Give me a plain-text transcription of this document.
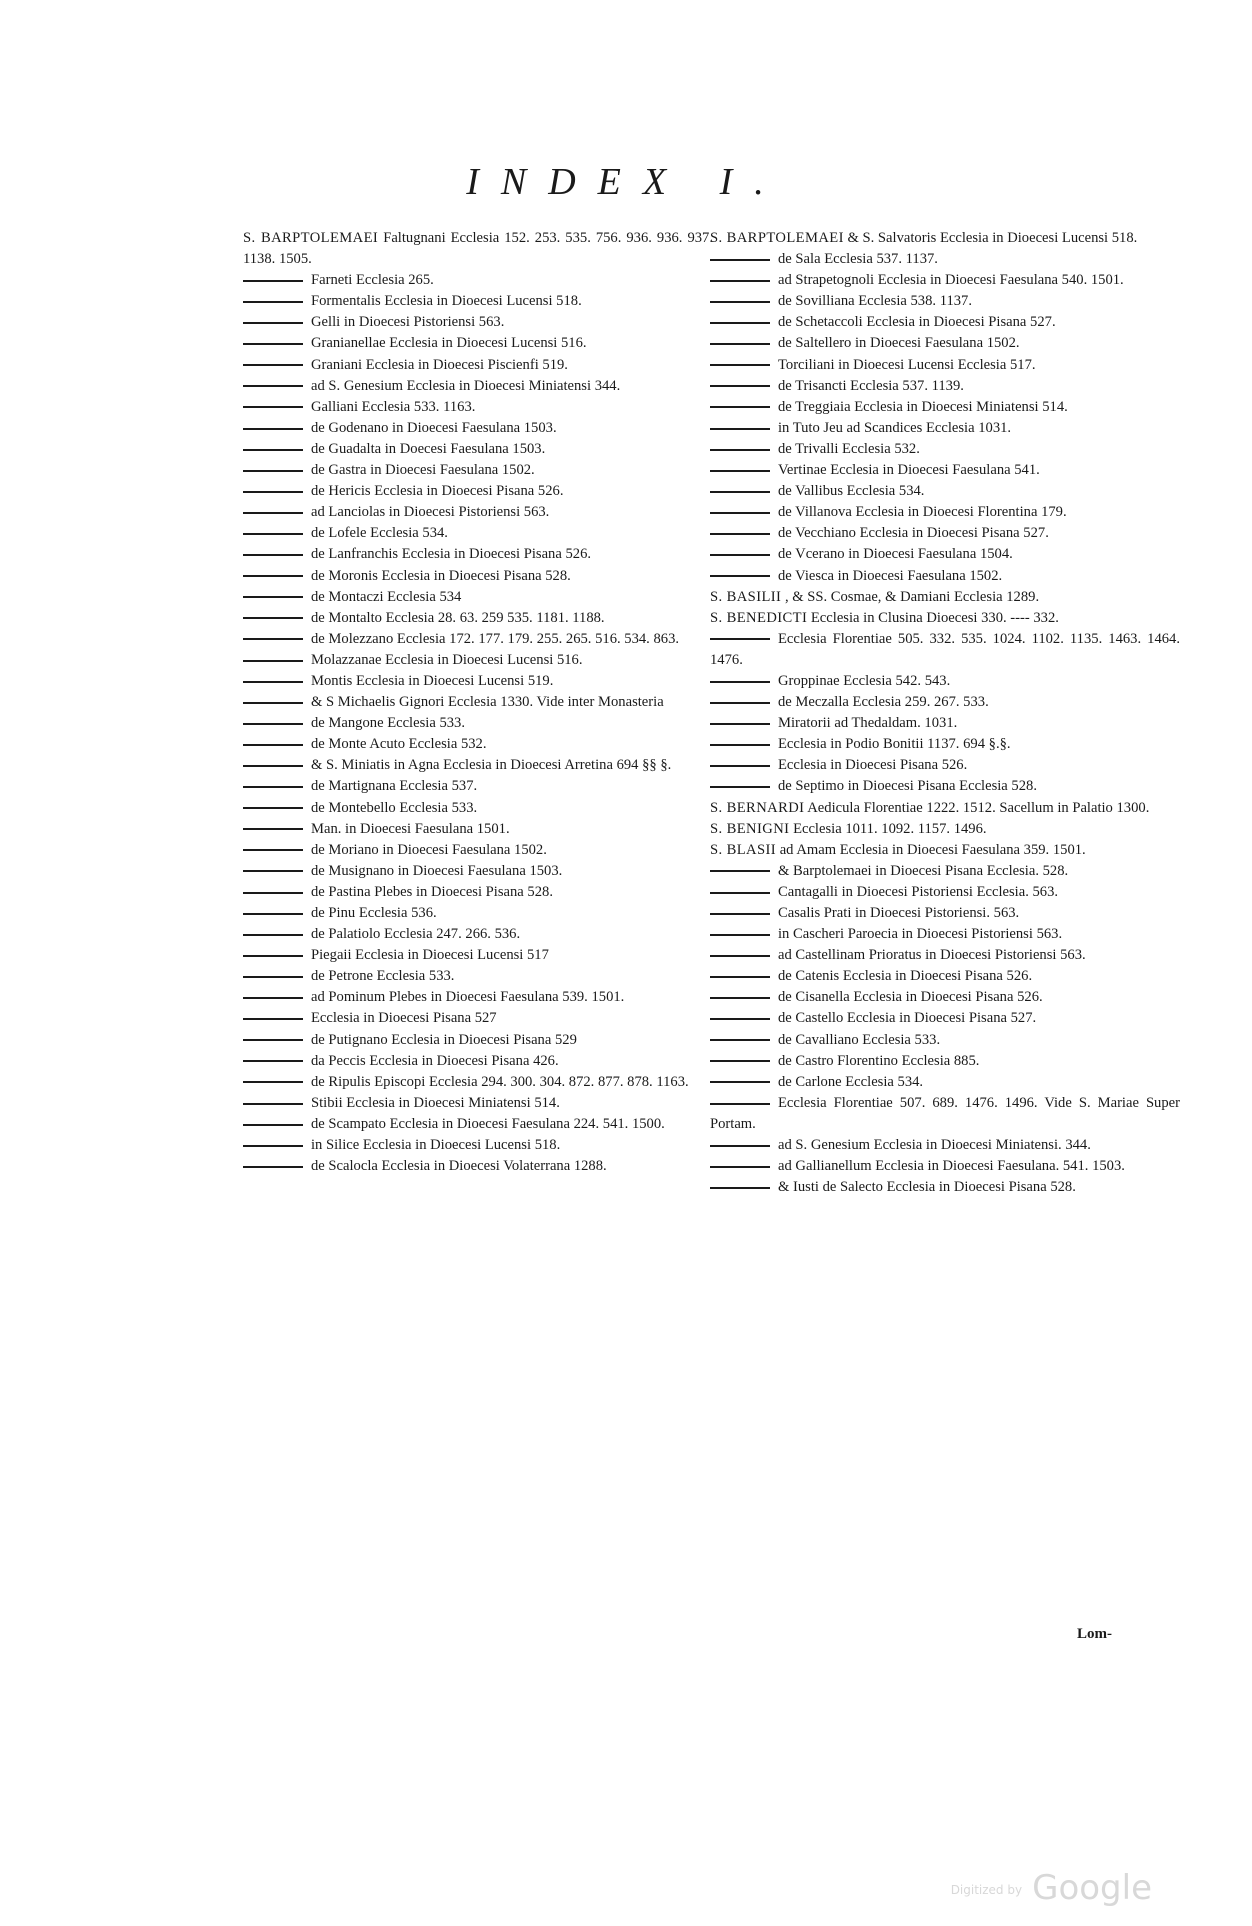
INDEX I.

S. BARPTOLEMAEI Faltugnani Ecclesia 152. 253. 535. 756. 936. 936. 937. 1138. 1505.

Farneti Ecclesia 265.

Formentalis Ecclesia in Dioecesi Lucensi 518.

Gelli in Dioecesi Pistoriensi 563.

Granianellae Ecclesia in Dioecesi Lucensi 516.

Graniani Ecclesia in Dioecesi Piscienfi 519.

ad S. Genesium Ecclesia in Dioecesi Miniatensi 344.

Galliani Ecclesia 533. 1163.

de Godenano in Dioecesi Faesulana 1503.

de Guadalta in Doecesi Faesulana 1503.

de Gastra in Dioecesi Faesulana 1502.

de Hericis Ecclesia in Dioecesi Pisana 526.

ad Lanciolas in Dioecesi Pistoriensi 563.

de Lofele Ecclesia 534.

de Lanfranchis Ecclesia in Dioecesi Pisana 526.

de Moronis Ecclesia in Dioecesi Pisana 528.

de Montaczi Ecclesia 534

de Montalto Ecclesia 28. 63. 259 535. 1181. 1188.

de Molezzano Ecclesia 172. 177. 179. 255. 265. 516. 534. 863.

Molazzanae Ecclesia in Dioecesi Lucensi 516.

Montis Ecclesia in Dioecesi Lucensi 519.

& S Michaelis Gignori Ecclesia 1330. Vide inter Monasteria

de Mangone Ecclesia 533.

de Monte Acuto Ecclesia 532.

& S. Miniatis in Agna Ecclesia in Dioecesi Arretina 694 §§ §.

de Martignana Ecclesia 537.

de Montebello Ecclesia 533.

Man. in Dioecesi Faesulana 1501.

de Moriano in Dioecesi Faesulana 1502.

de Musignano in Dioecesi Faesulana 1503.

de Pastina Plebes in Dioecesi Pisana 528.

de Pinu Ecclesia 536.

de Palatiolo Ecclesia 247. 266. 536.

Piegaii Ecclesia in Dioecesi Lucensi 517

de Petrone Ecclesia 533.

ad Pominum Plebes in Dioecesi Faesulana 539. 1501.

Ecclesia in Dioecesi Pisana 527

de Putignano Ecclesia in Dioecesi Pisana 529

da Peccis Ecclesia in Dioecesi Pisana 426.

de Ripulis Episcopi Ecclesia 294. 300. 304. 872. 877. 878. 1163.

Stibii Ecclesia in Dioecesi Miniatensi 514.

de Scampato Ecclesia in Dioecesi Faesulana 224. 541. 1500.

in Silice Ecclesia in Dioecesi Lucensi 518.

de Scalocla Ecclesia in Dioecesi Volaterrana 1288.

S. BARPTOLEMAEI & S. Salvatoris Ecclesia in Dioecesi Lucensi 518.

de Sala Ecclesia 537. 1137.

ad Strapetognoli Ecclesia in Dioecesi Faesulana 540. 1501.

de Sovilliana Ecclesia 538. 1137.

de Schetaccoli Ecclesia in Dioecesi Pisana 527.

de Saltellero in Dioecesi Faesulana 1502.

Torciliani in Dioecesi Lucensi Ecclesia 517.

de Trisancti Ecclesia 537. 1139.

de Treggiaia Ecclesia in Dioecesi Miniatensi 514.

in Tuto Jeu ad Scandices Ecclesia 1031.

de Trivalli Ecclesia 532.

Vertinae Ecclesia in Dioecesi Faesulana 541.

de Vallibus Ecclesia 534.

de Villanova Ecclesia in Dioecesi Florentina 179.

de Vecchiano Ecclesia in Dioecesi Pisana 527.

de Vcerano in Dioecesi Faesulana 1504.

de Viesca in Dioecesi Faesulana 1502.

S. BASILII , & SS. Cosmae, & Damiani Ecclesia 1289.

S. BENEDICTI Ecclesia in Clusina Dioecesi 330. ---- 332.

Ecclesia Florentiae 505. 332. 535. 1024. 1102. 1135. 1463. 1464. 1476.

Groppinae Ecclesia 542. 543.

de Meczalla Ecclesia 259. 267. 533.

Miratorii ad Thedaldam. 1031.

Ecclesia in Podio Bonitii 1137. 694 §.§.

Ecclesia in Dioecesi Pisana 526.

de Septimo in Dioecesi Pisana Ecclesia 528.

S. BERNARDI Aedicula Florentiae 1222. 1512. Sacellum in Palatio 1300.

S. BENIGNI Ecclesia 1011. 1092. 1157. 1496.

S. BLASII ad Amam Ecclesia in Dioecesi Faesulana 359. 1501.

& Barptolemaei in Dioecesi Pisana Ecclesia. 528.

Cantagalli in Dioecesi Pistoriensi Ecclesia. 563.

Casalis Prati in Dioecesi Pistoriensi. 563.

in Cascheri Paroecia in Dioecesi Pistoriensi 563.

ad Castellinam Prioratus in Dioecesi Pistoriensi 563.

de Catenis Ecclesia in Dioecesi Pisana 526.

de Cisanella Ecclesia in Dioecesi Pisana 526.

de Castello Ecclesia in Dioecesi Pisana 527.

de Cavalliano Ecclesia 533.

de Castro Florentino Ecclesia 885.

de Carlone Ecclesia 534.

Ecclesia Florentiae 507. 689. 1476. 1496. Vide S. Mariae Super Portam.

ad S. Genesium Ecclesia in Dioecesi Miniatensi. 344.

ad Gallianellum Ecclesia in Dioecesi Faesulana. 541. 1503.

& Iusti de Salecto Ecclesia in Dioecesi Pisana 528.

Lom-
Digitized by Google
